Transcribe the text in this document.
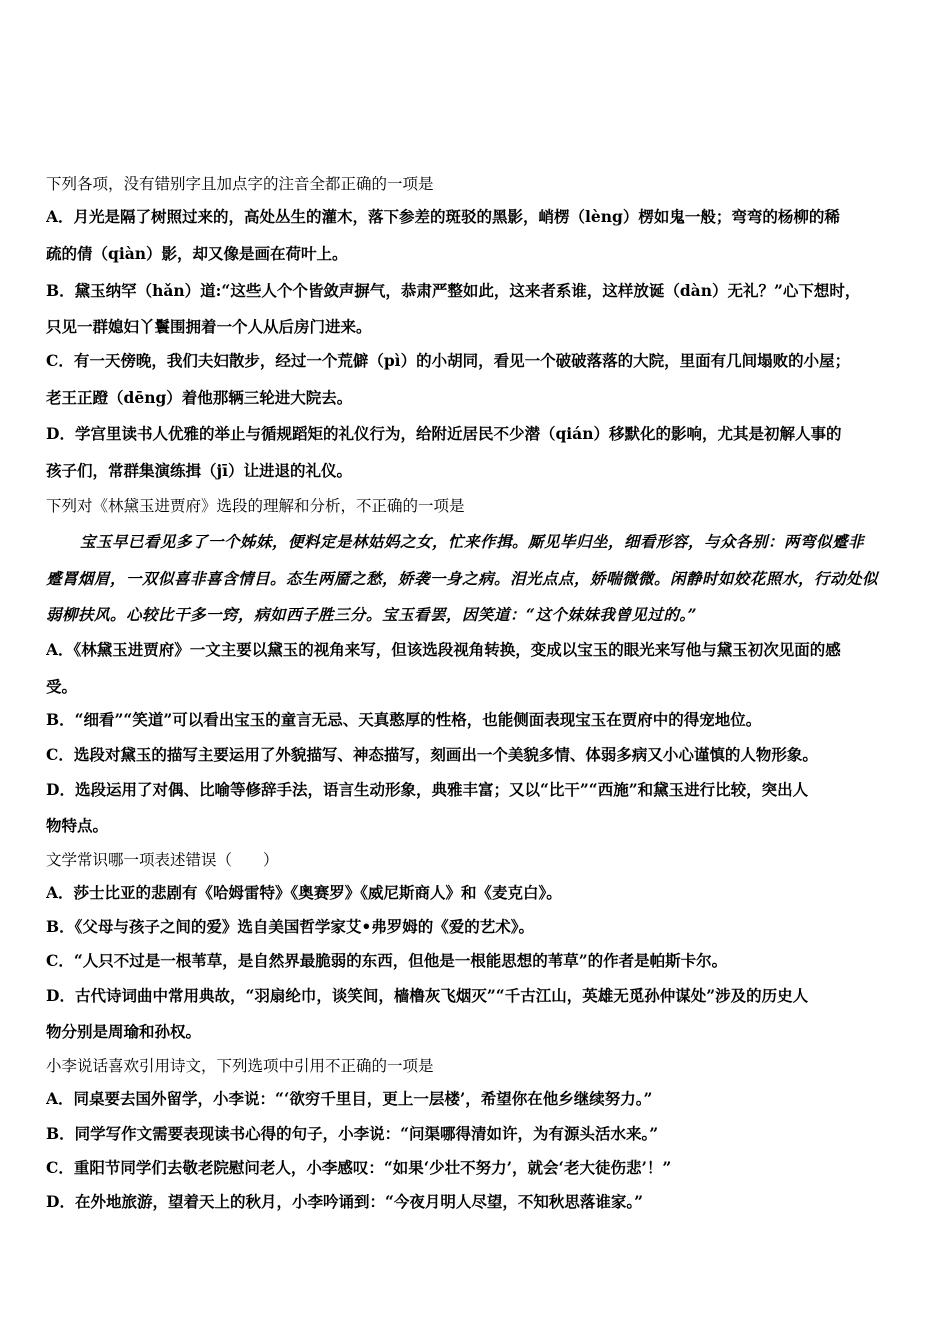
下列各项，没有错别字且加点字的注音全都正确的一项是
A．月光是隔了树照过来的，高处丛生的灌木，落下参差的斑驳的黑影，峭楞（lèng）楞如鬼一般；弯弯的杨柳的稀
疏的倩（qiàn）影，却又像是画在荷叶上。
B．黛玉纳罕（hǎn）道:“这些人个个皆敛声摒气，恭肃严整如此，这来者系谁，这样放诞（dàn）无礼？”心下想时，
只见一群媳妇丫鬟围拥着一个人从后房门进来。
C．有一天傍晚，我们夫妇散步，经过一个荒僻（pì）的小胡同，看见一个破破落落的大院，里面有几间塌败的小屋；
老王正蹬（dēng）着他那辆三轮进大院去。
D．学宫里读书人优雅的举止与循规蹈矩的礼仪行为，给附近居民不少潜（qián）移默化的影响，尤其是初解人事的
孩子们，常群集演练揖（jī）让进退的礼仪。
下列对《林黛玉进贾府》选段的理解和分析，不正确的一项是
宝玉早已看见多了一个姊妹，便料定是林姑妈之女，忙来作揖。厮见毕归坐，细看形容，与众各别：两弯似蹙非
蹙罥烟眉，一双似喜非喜含情目。态生两靥之愁，娇袭一身之病。泪光点点，娇喘微微。闲静时如姣花照水，行动处似
弱柳扶风。心较比干多一窍，病如西子胜三分。宝玉看罢，因笑道：“这个妹妹我曾见过的。”
A．《林黛玉进贾府》一文主要以黛玉的视角来写，但该选段视角转换，变成以宝玉的眼光来写他与黛玉初次见面的感
受。
B．“细看”“笑道”可以看出宝玉的童言无忌、天真憨厚的性格，也能侧面表现宝玉在贾府中的得宠地位。
C．选段对黛玉的描写主要运用了外貌描写、神态描写，刻画出一个美貌多情、体弱多病又小心谨慎的人物形象。
D．选段运用了对偶、比喻等修辞手法，语言生动形象，典雅丰富；又以“比干”“西施”和黛玉进行比较，突出人
物特点。
文学常识哪一项表述错误（　　）
A．莎士比亚的悲剧有《哈姆雷特》《奥赛罗》《威尼斯商人》和《麦克白》。
B．《父母与孩子之间的爱》选自美国哲学家艾•弗罗姆的《爱的艺术》。
C．“人只不过是一根苇草，是自然界最脆弱的东西，但他是一根能思想的苇草”的作者是帕斯卡尔。
D．古代诗词曲中常用典故，“羽扇纶巾，谈笑间，樯橹灰飞烟灭”“千古江山，英雄无觅孙仲谋处”涉及的历史人
物分别是周瑜和孙权。
小李说话喜欢引用诗文，下列选项中引用不正确的一项是
A．同桌要去国外留学，小李说：“‘欲穷千里目，更上一层楼’，希望你在他乡继续努力。”
B．同学写作文需要表现读书心得的句子，小李说：“问渠哪得清如许，为有源头活水来。”
C．重阳节同学们去敬老院慰问老人，小李感叹：“如果‘少壮不努力’，就会‘老大徒伤悲’！”
D．在外地旅游，望着天上的秋月，小李吟诵到：“今夜月明人尽望，不知秋思落谁家。”
